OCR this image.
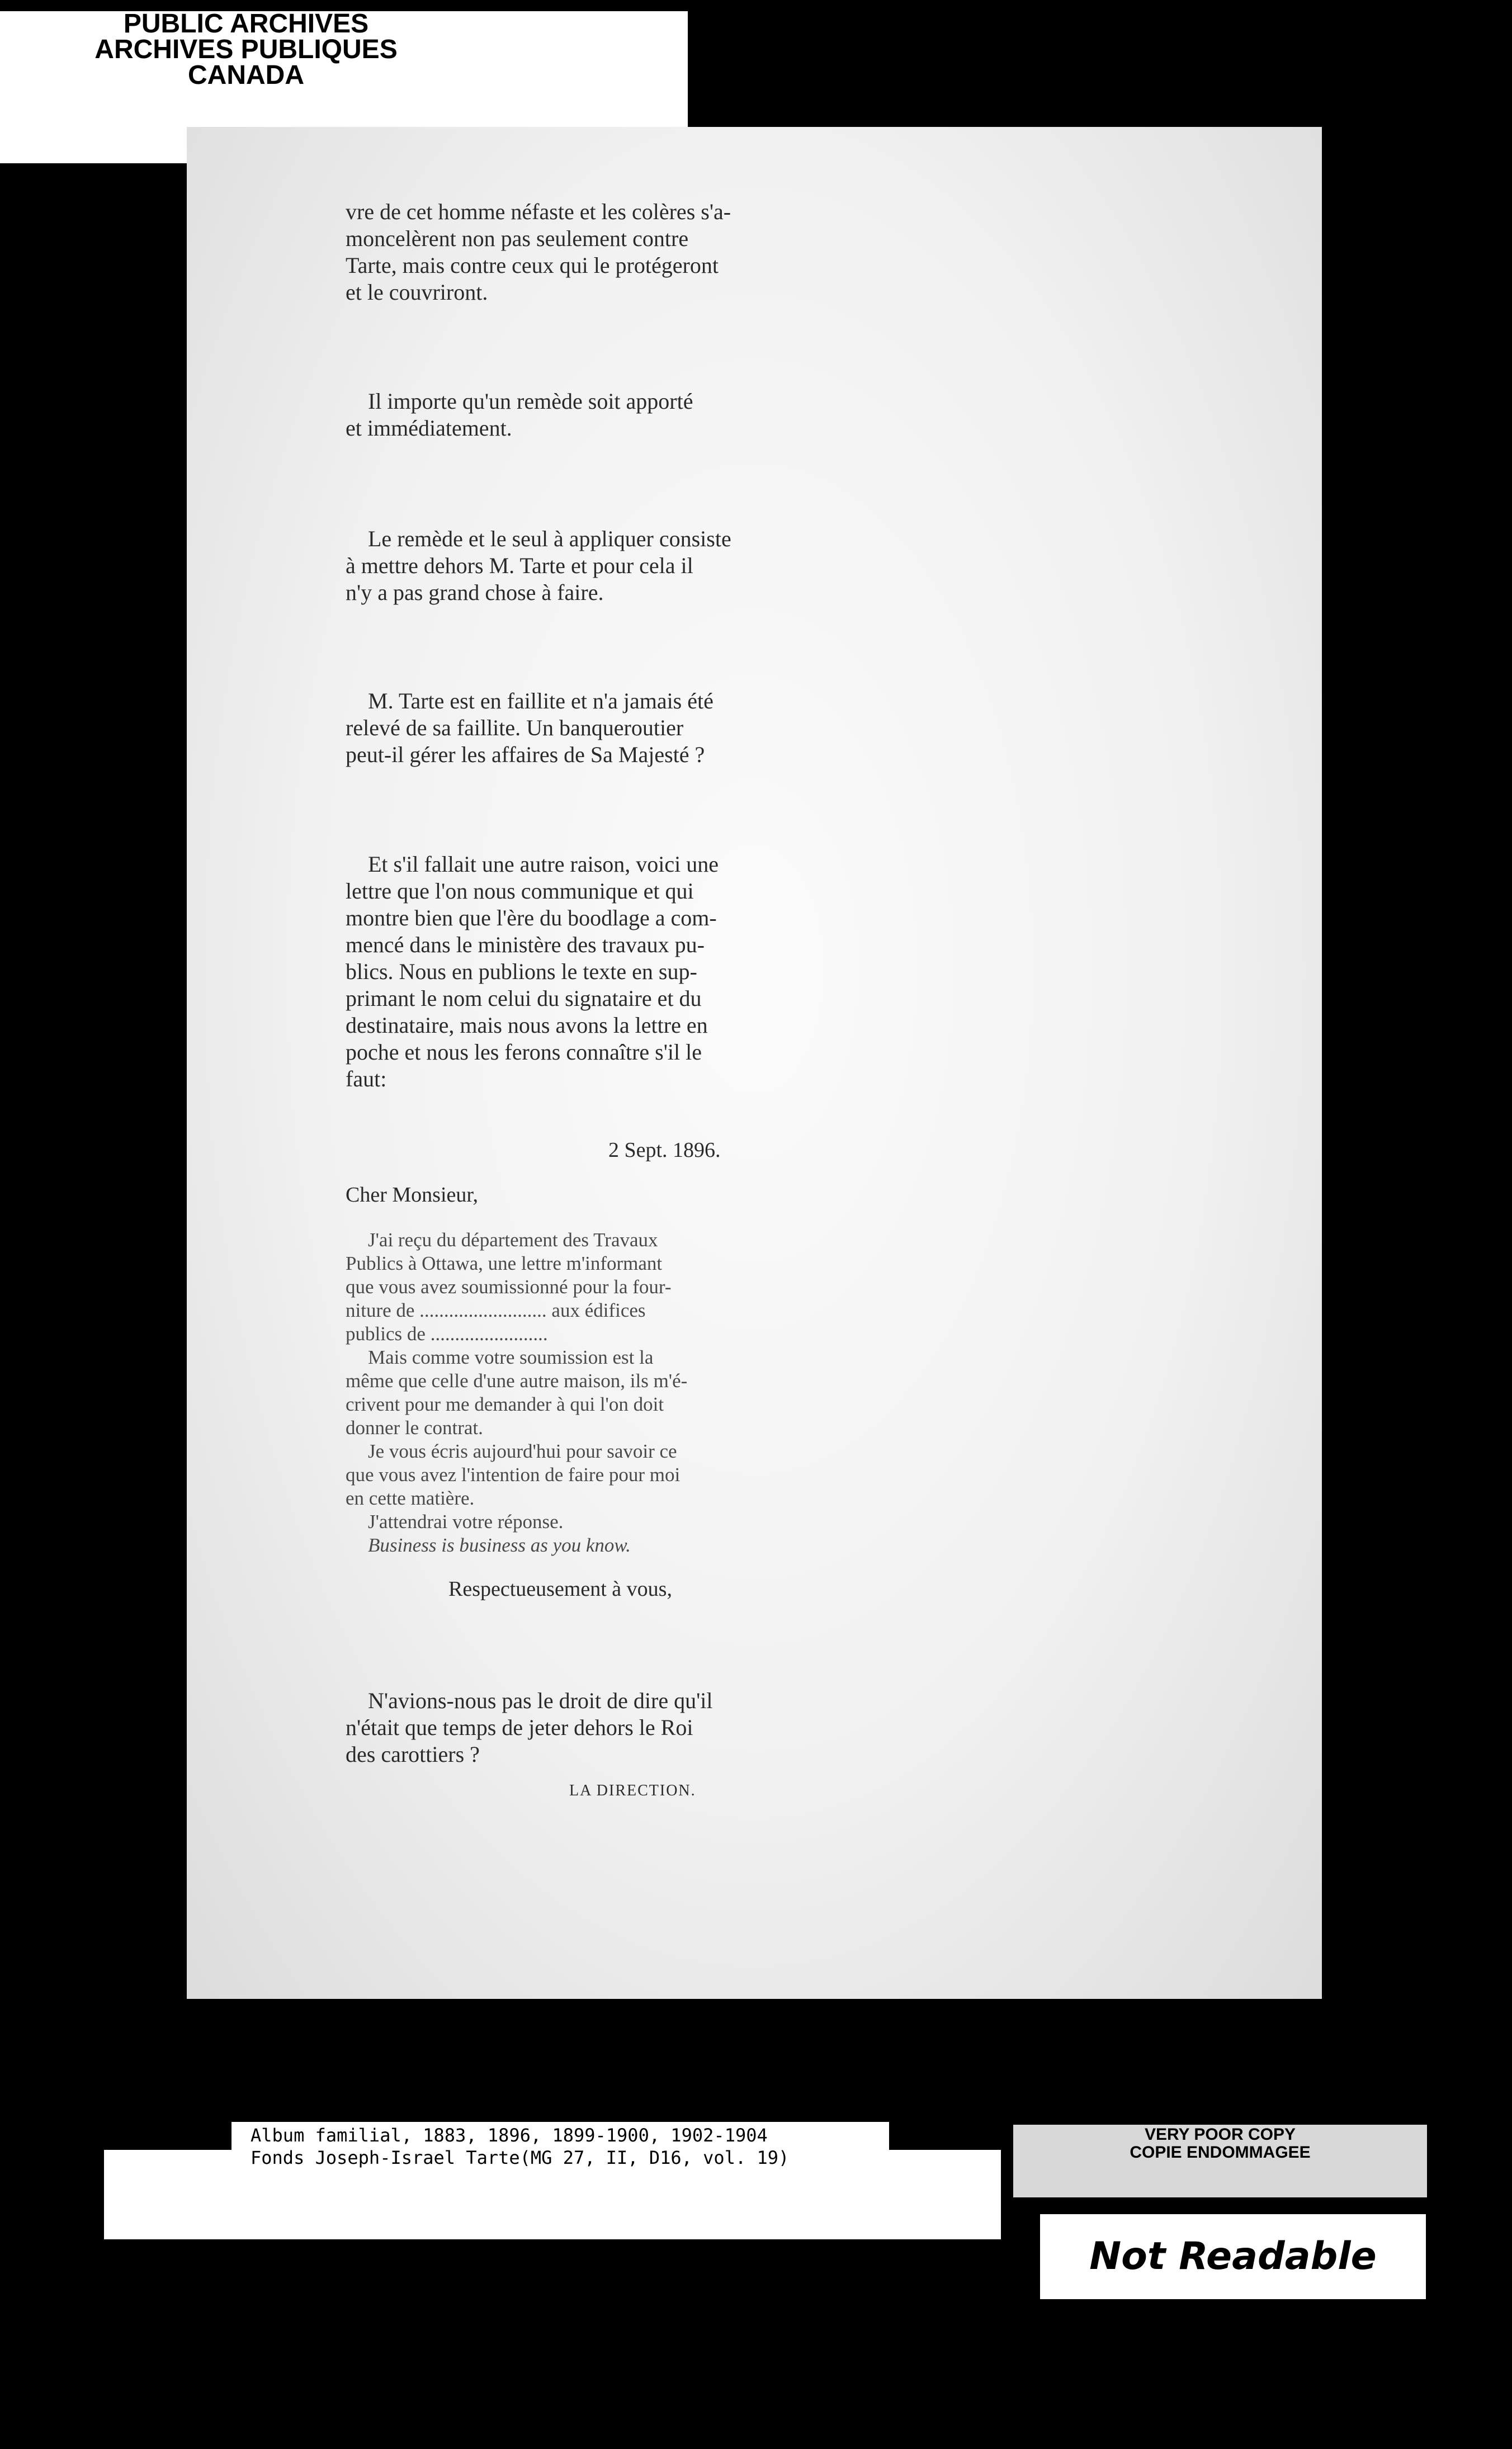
vre de cet homme néfaste et les colères s'a-
moncelèrent non pas seulement contre
Tarte, mais contre ceux qui le protégeront
et le couvriront.
Il importe qu'un remède soit apporté
et immédiatement.
Le remède et le seul à appliquer consiste
à mettre dehors M. Tarte et pour cela il
n'y a pas grand chose à faire.
M. Tarte est en faillite et n'a jamais été
relevé de sa faillite. Un banqueroutier
peut-il gérer les affaires de Sa Majesté ?
Et s'il fallait une autre raison, voici une
lettre que l'on nous communique et qui
montre bien que l'ère du boodlage a com-
mencé dans le ministère des travaux pu-
blics. Nous en publions le texte en sup-
primant le nom celui du signataire et du
destinataire, mais nous avons la lettre en
poche et nous les ferons connaître s'il le faut:
2 Sept. 1896.
Cher Monsieur,
J'ai reçu du département des Travaux
Publics à Ottawa, une lettre m'informant
que vous avez soumissionné pour la four-
niture de .......................... aux édifices
publics de ........................
Mais comme votre soumission est la
même que celle d'une autre maison, ils m'é-
crivent pour me demander à qui l'on doit
donner le contrat.
Je vous écris aujourd'hui pour savoir ce
que vous avez l'intention de faire pour moi
en cette matière.
J'attendrai votre réponse.
Business is business as you know.
Respectueusement à vous,
N'avions-nous pas le droit de dire qu'il
n'était que temps de jeter dehors le Roi
des carottiers ?
LA DIRECTION.
Album familial, 1883, 1896, 1899-1900, 1902-1904
Fonds Joseph-Israel Tarte(MG 27, II, D16, vol. 19)
PUBLIC ARCHIVES
ARCHIVES PUBLIQUES
CANADA
VERY POOR COPY
COPIE ENDOMMAGEE
Not Readable
